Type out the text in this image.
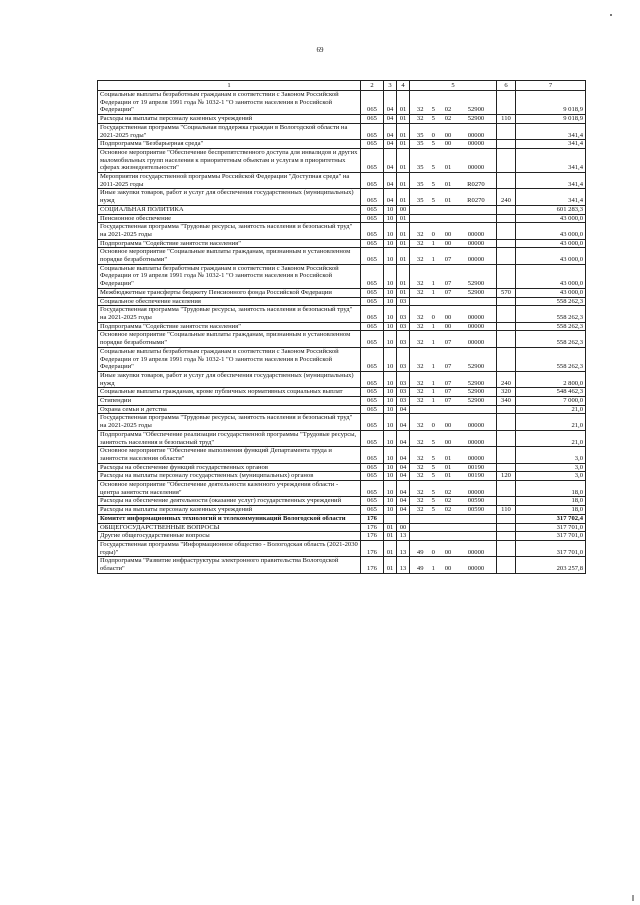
69
1	2	3	4	5	6	7
Социальные выплаты безработным гражданам в соответствии с Законом Российской Федерации от 19 апреля 1991 года № 1032-1 "О занятости населения в Российской Федерации"	065	04	01	32 5 02 52900		9 018,9
Расходы на выплаты персоналу казенных учреждений	065	04	01	32 5 02 52900	110	9 018,9
Государственная программа "Социальная поддержка граждан в Вологодской области на 2021-2025 годы"	065	04	01	35 0 00 00000		341,4
Подпрограмма "Безбарьерная среда"	065	04	01	35 5 00 00000		341,4
Основное мероприятие "Обеспечение беспрепятственного доступа для инвалидов и других маломобильных групп населения к приоритетным объектам и услугам в приоритетных сферах жизнедеятельности"	065	04	01	35 5 01 00000		341,4
Мероприятия государственной программы Российской Федерации "Доступная среда" на 2011-2025 годы	065	04	01	35 5 01 R0270		341,4
Иные закупки товаров, работ и услуг для обеспечения государственных (муниципальных) нужд	065	04	01	35 5 01 R0270	240	341,4
СОЦИАЛЬНАЯ ПОЛИТИКА	065	10	00			601 283,3
Пенсионное обеспечение	065	10	01			43 000,0
Государственная программа "Трудовые ресурсы, занятость населения и безопасный труд" на 2021-2025 годы	065	10	01	32 0 00 00000		43 000,0
Подпрограмма "Содействие занятости населения"	065	10	01	32 1 00 00000		43 000,0
Основное мероприятие "Социальные выплаты гражданам, признанным в установленном порядке безработными"	065	10	01	32 1 07 00000		43 000,0
Социальные выплаты безработным гражданам в соответствии с Законом Российской Федерации от 19 апреля 1991 года № 1032-1 "О занятости населения в Российской Федерации"	065	10	01	32 1 07 52900		43 000,0
Межбюджетные трансферты бюджету Пенсионного фонда Российской Федерации	065	10	01	32 1 07 52900	570	43 000,0
Социальное обеспечение населения	065	10	03			558 262,3
Государственная программа "Трудовые ресурсы, занятость населения и безопасный труд" на 2021-2025 годы	065	10	03	32 0 00 00000		558 262,3
Подпрограмма "Содействие занятости населения"	065	10	03	32 1 00 00000		558 262,3
Основное мероприятие "Социальные выплаты гражданам, признанным в установленном порядке безработными"	065	10	03	32 1 07 00000		558 262,3
Социальные выплаты безработным гражданам в соответствии с Законом Российской Федерации от 19 апреля 1991 года № 1032-1 "О занятости населения в Российской Федерации"	065	10	03	32 1 07 52900		558 262,3
Иные закупки товаров, работ и услуг для обеспечения государственных (муниципальных) нужд	065	10	03	32 1 07 52900	240	2 800,0
Социальные выплаты гражданам, кроме публичных нормативных социальных выплат	065	10	03	32 1 07 52900	320	548 462,3
Стипендии	065	10	03	32 1 07 52900	340	7 000,0
Охрана семьи и детства	065	10	04			21,0
Государственная программа "Трудовые ресурсы, занятость населения и безопасный труд" на 2021-2025 годы	065	10	04	32 0 00 00000		21,0
Подпрограмма "Обеспечение реализации государственной программы "Трудовые ресурсы, занятость населения и безопасный труд"	065	10	04	32 5 00 00000		21,0
Основное мероприятие "Обеспечение выполнения функций Департамента труда и занятости населения области"	065	10	04	32 5 01 00000		3,0
Расходы на обеспечение функций государственных органов	065	10	04	32 5 01 00190		3,0
Расходы на выплаты персоналу государственных (муниципальных) органов	065	10	04	32 5 01 00190	120	3,0
Основное мероприятие "Обеспечение деятельности казенного учреждения области - центра занятости населения"	065	10	04	32 5 02 00000		18,0
Расходы на обеспечение деятельности (оказание услуг) государственных учреждений	065	10	04	32 5 02 00590		18,0
Расходы на выплаты персоналу казенных учреждений	065	10	04	32 5 02 00590	110	18,0
Комитет информационных технологий и телекоммуникаций Вологодской области	176					317 702,4
ОБЩЕГОСУДАРСТВЕННЫЕ ВОПРОСЫ	176	01	00			317 701,0
Другие общегосударственные вопросы	176	01	13			317 701,0
Государственная программа "Информационное общество - Вологодская область (2021-2030 годы)"	176	01	13	49 0 00 00000		317 701,0
Подпрограмма "Развитие инфраструктуры электронного правительства Вологодской области"	176	01	13	49 1 00 00000		203 257,8
